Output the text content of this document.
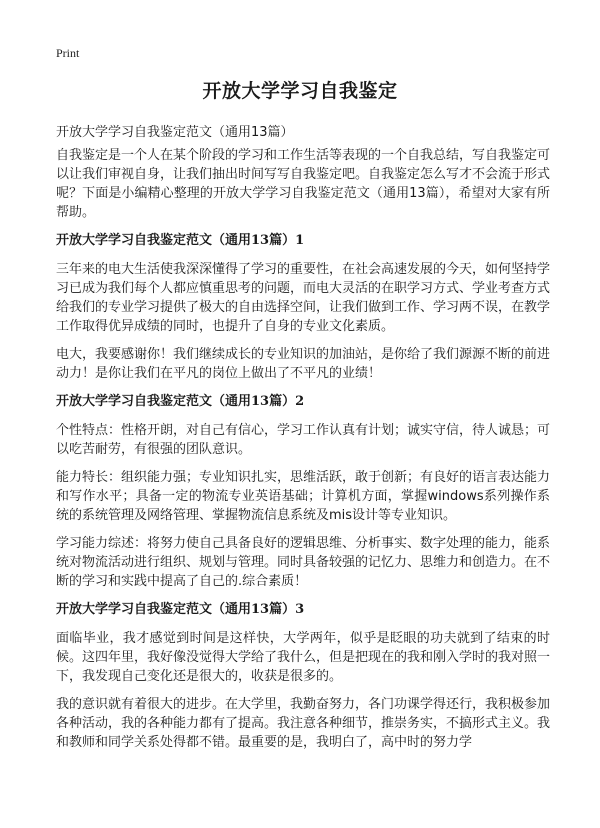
Print
开放大学学习自我鉴定
开放大学学习自我鉴定范文（通用13篇）

自我鉴定是一个人在某个阶段的学习和工作生活等表现的一个自我总结，写自我鉴定可以让我们审视自身，让我们抽出时间写写自我鉴定吧。自我鉴定怎么写才不会流于形式呢？下面是小编精心整理的开放大学学习自我鉴定范文（通用13篇），希望对大家有所帮助。

开放大学学习自我鉴定范文（通用13篇）1

三年来的电大生活使我深深懂得了学习的重要性，在社会高速发展的今天，如何坚持学习已成为我们每个人都应慎重思考的问题，而电大灵活的在职学习方式、学业考查方式给我们的专业学习提供了极大的自由选择空间，让我们做到工作、学习两不误，在教学工作取得优异成绩的同时，也提升了自身的专业文化素质。

电大，我要感谢你！我们继续成长的专业知识的加油站，是你给了我们源源不断的前进动力！是你让我们在平凡的岗位上做出了不平凡的业绩！

开放大学学习自我鉴定范文（通用13篇）2

个性特点：性格开朗，对自己有信心，学习工作认真有计划；诚实守信，待人诚恳；可以吃苦耐劳，有很强的团队意识。

能力特长：组织能力强；专业知识扎实，思维活跃，敢于创新；有良好的语言表达能力和写作水平；具备一定的物流专业英语基础；计算机方面，掌握windows系列操作系统的系统管理及网络管理、掌握物流信息系统及mis设计等专业知识。

学习能力综述：将努力使自己具备良好的逻辑思维、分析事实、数字处理的能力，能系统对物流活动进行组织、规划与管理。同时具备较强的记忆力、思维力和创造力。在不断的学习和实践中提高了自己的.综合素质！

开放大学学习自我鉴定范文（通用13篇）3

面临毕业，我才感觉到时间是这样快，大学两年，似乎是眨眼的功夫就到了结束的时候。这四年里，我好像没觉得大学给了我什么，但是把现在的我和刚入学时的我对照一下，我发现自己变化还是很大的，收获是很多的。

我的意识就有着很大的进步。在大学里，我勤奋努力，各门功课学得还行，我积极参加各种活动，我的各种能力都有了提高。我注意各种细节，推崇务实，不搞形式主义。我和教师和同学关系处得都不错。最重要的是，我明白了，高中时的努力学
